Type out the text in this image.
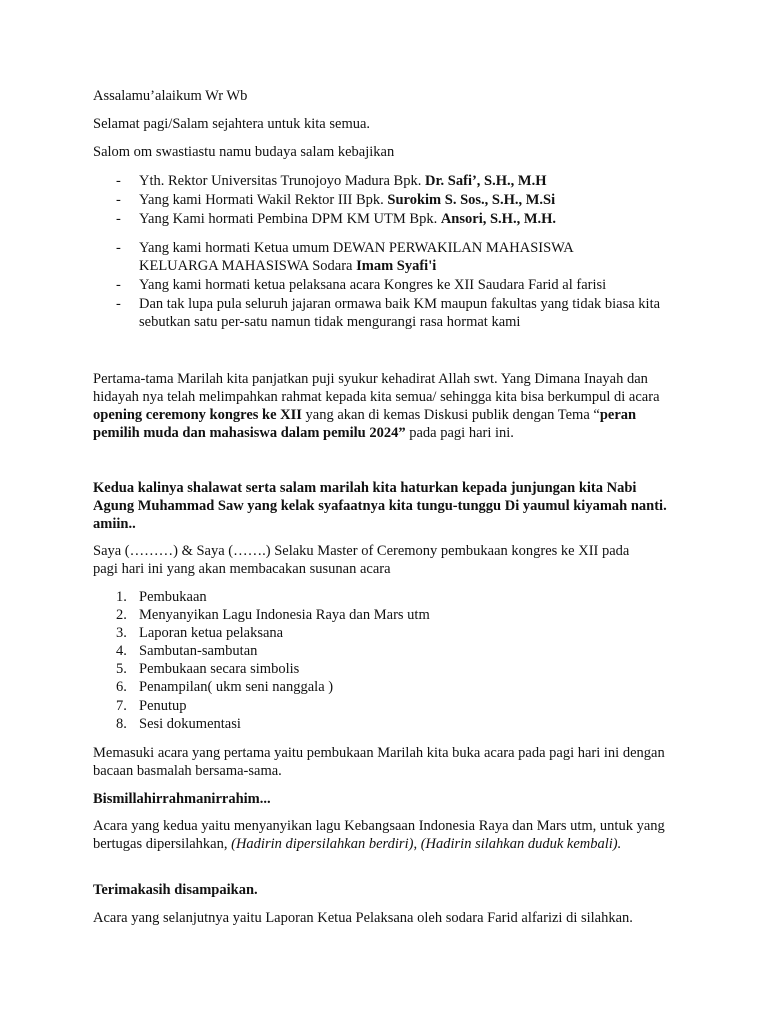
Assalamu’alaikum Wr Wb

Selamat pagi/Salam sejahtera untuk kita semua.

Salom om swastiastu namu budaya salam kebajikan

- Yth. Rektor Universitas Trunojoyo Madura Bpk. Dr. Safi’, S.H., M.H

- Yang kami Hormati Wakil Rektor III Bpk. Surokim S. Sos., S.H., M.Si

- Yang Kami hormati Pembina DPM KM UTM Bpk. Ansori, S.H., M.H.

- Yang kami hormati Ketua umum DEWAN PERWAKILAN MAHASISWA KELUARGA MAHASISWA Sodara Imam Syafi'i

- Yang kami hormati ketua pelaksana acara Kongres ke XII Saudara Farid al farisi

- Dan tak lupa pula seluruh jajaran ormawa baik KM maupun fakultas yang tidak biasa kita sebutkan satu per-satu namun tidak mengurangi rasa hormat kami

Pertama-tama Marilah kita panjatkan puji syukur kehadirat Allah swt. Yang Dimana Inayah dan hidayah nya telah melimpahkan rahmat kepada kita semua/ sehingga kita bisa berkumpul di acara opening ceremony kongres ke XII yang akan di kemas Diskusi publik dengan Tema “peran pemilih muda dan mahasiswa dalam pemilu 2024” pada pagi hari ini.

Kedua kalinya shalawat serta salam marilah kita haturkan kepada junjungan kita Nabi Agung Muhammad Saw yang kelak syafaatnya kita tungu-tunggu Di yaumul kiyamah nanti. amiin..

Saya (………) & Saya (…….) Selaku Master of Ceremony pembukaan kongres ke XII pada pagi hari ini yang akan membacakan susunan acara

1. Pembukaan

2. Menyanyikan Lagu Indonesia Raya dan Mars utm

3. Laporan ketua pelaksana

4. Sambutan-sambutan

5. Pembukaan secara simbolis

6. Penampilan( ukm seni nanggala )

7. Penutup

8. Sesi dokumentasi

Memasuki acara yang pertama yaitu pembukaan Marilah kita buka acara pada pagi hari ini dengan bacaan basmalah bersama-sama.

Bismillahirrahmanirrahim...

Acara yang kedua yaitu menyanyikan lagu Kebangsaan Indonesia Raya dan Mars utm, untuk yang bertugas dipersilahkan, (Hadirin dipersilahkan berdiri), (Hadirin silahkan duduk kembali).

Terimakasih disampaikan.

Acara yang selanjutnya yaitu Laporan Ketua Pelaksana oleh sodara Farid alfarizi di silahkan.
